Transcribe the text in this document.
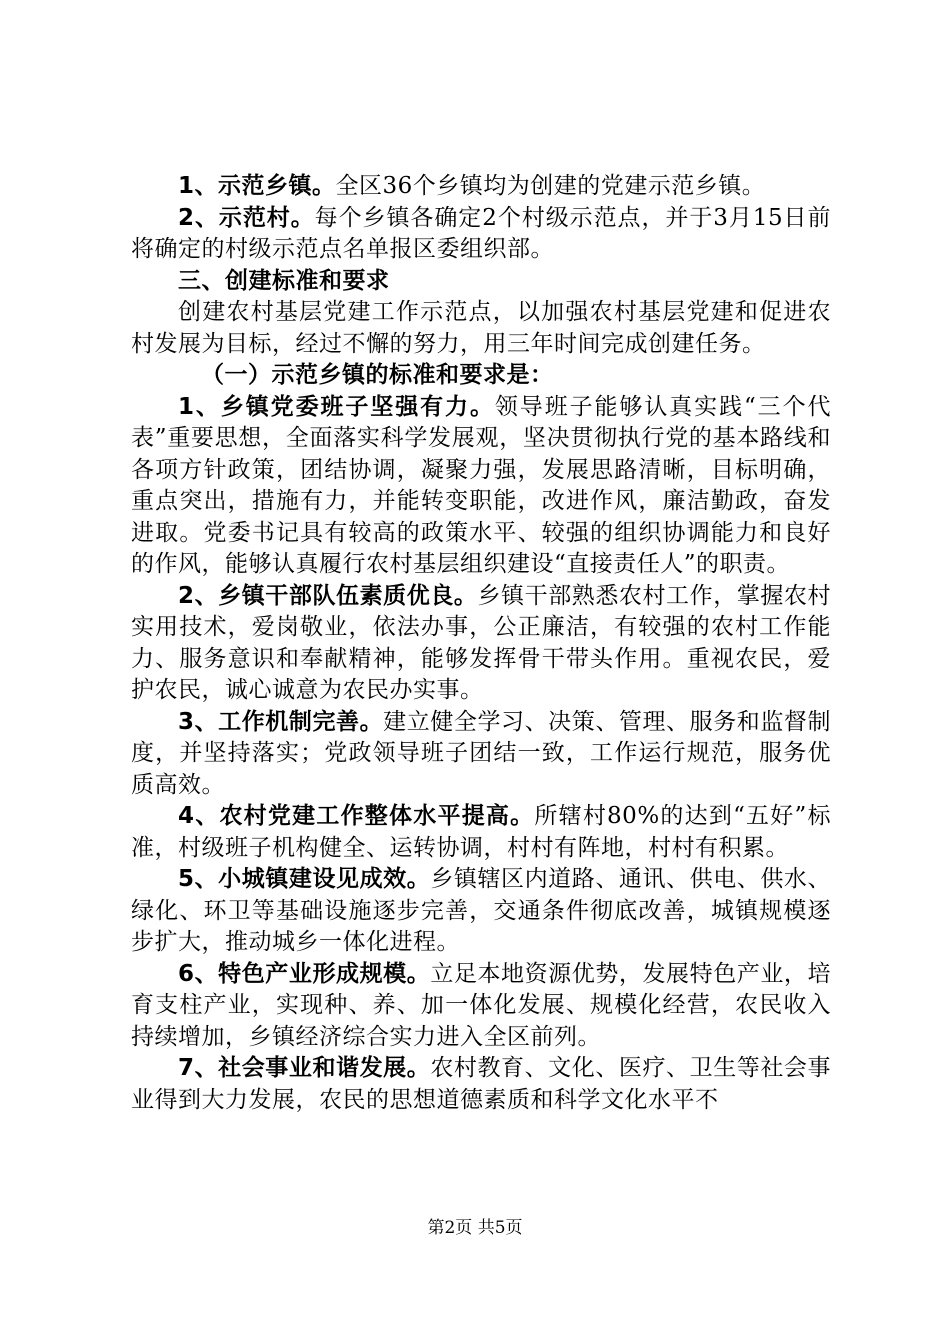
1、示范乡镇。全区36个乡镇均为创建的党建示范乡镇。

2、示范村。每个乡镇各确定2个村级示范点，并于3月15日前将确定的村级示范点名单报区委组织部。

三、创建标准和要求

创建农村基层党建工作示范点，以加强农村基层党建和促进农村发展为目标，经过不懈的努力，用三年时间完成创建任务。

（一）示范乡镇的标准和要求是：

1、乡镇党委班子坚强有力。领导班子能够认真实践“三个代表”重要思想，全面落实科学发展观，坚决贯彻执行党的基本路线和各项方针政策，团结协调，凝聚力强，发展思路清晰，目标明确，重点突出，措施有力，并能转变职能，改进作风，廉洁勤政，奋发进取。党委书记具有较高的政策水平、较强的组织协调能力和良好的作风，能够认真履行农村基层组织建设“直接责任人”的职责。

2、乡镇干部队伍素质优良。乡镇干部熟悉农村工作，掌握农村实用技术，爱岗敬业，依法办事，公正廉洁，有较强的农村工作能力、服务意识和奉献精神，能够发挥骨干带头作用。重视农民，爱护农民，诚心诚意为农民办实事。

3、工作机制完善。建立健全学习、决策、管理、服务和监督制度，并坚持落实；党政领导班子团结一致，工作运行规范，服务优质高效。

4、农村党建工作整体水平提高。所辖村80%的达到“五好”标准，村级班子机构健全、运转协调，村村有阵地，村村有积累。

5、小城镇建设见成效。乡镇辖区内道路、通讯、供电、供水、绿化、环卫等基础设施逐步完善，交通条件彻底改善，城镇规模逐步扩大，推动城乡一体化进程。

6、特色产业形成规模。立足本地资源优势，发展特色产业，培育支柱产业，实现种、养、加一体化发展、规模化经营，农民收入持续增加，乡镇经济综合实力进入全区前列。

7、社会事业和谐发展。农村教育、文化、医疗、卫生等社会事业得到大力发展，农民的思想道德素质和科学文化水平不

第2页 共5页
